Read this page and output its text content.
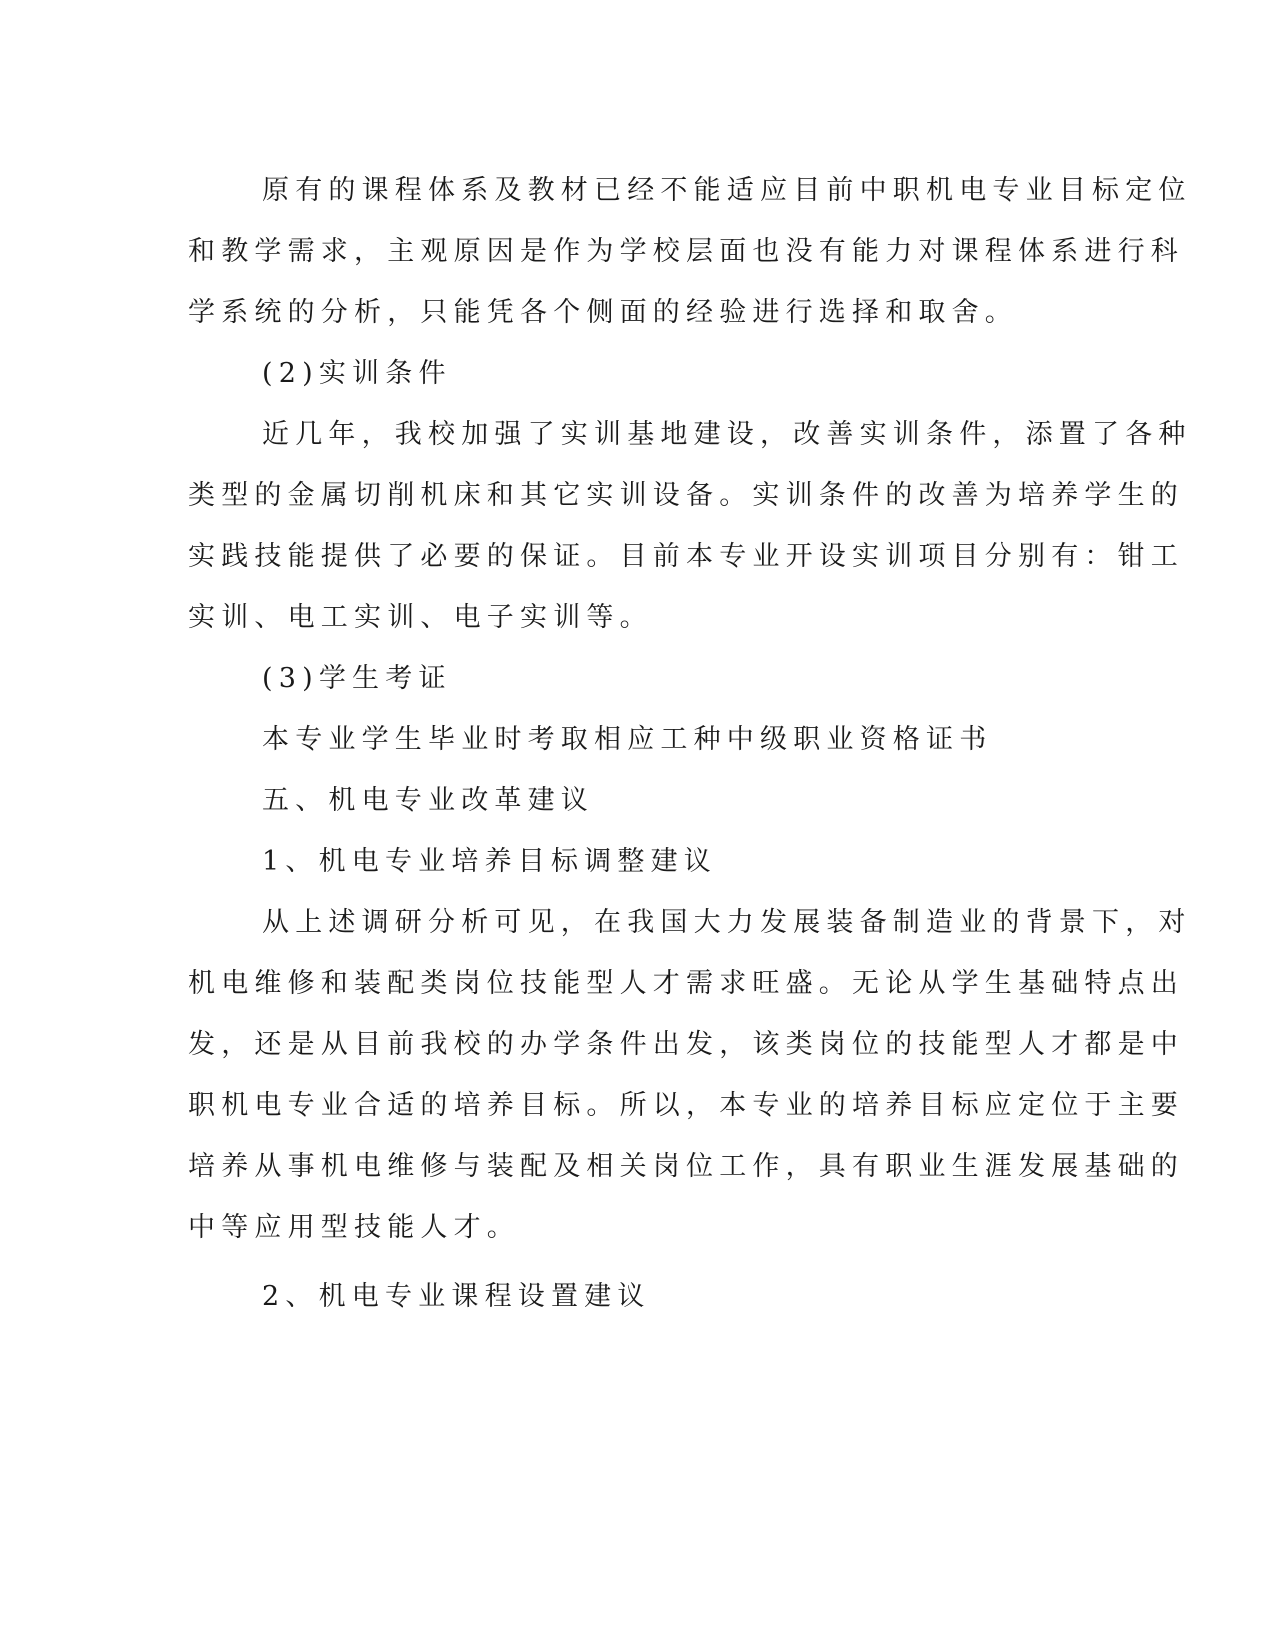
原有的课程体系及教材已经不能适应目前中职机电专业目标定位
和教学需求，主观原因是作为学校层面也没有能力对课程体系进行科
学系统的分析，只能凭各个侧面的经验进行选择和取舍。
(2)实训条件
近几年，我校加强了实训基地建设，改善实训条件，添置了各种
类型的金属切削机床和其它实训设备。实训条件的改善为培养学生的
实践技能提供了必要的保证。目前本专业开设实训项目分别有：钳工
实训、电工实训、电子实训等。
(3)学生考证
本专业学生毕业时考取相应工种中级职业资格证书
五、机电专业改革建议
1、机电专业培养目标调整建议
从上述调研分析可见，在我国大力发展装备制造业的背景下，对
机电维修和装配类岗位技能型人才需求旺盛。无论从学生基础特点出
发，还是从目前我校的办学条件出发，该类岗位的技能型人才都是中
职机电专业合适的培养目标。所以，本专业的培养目标应定位于主要
培养从事机电维修与装配及相关岗位工作，具有职业生涯发展基础的
中等应用型技能人才。
2、机电专业课程设置建议
